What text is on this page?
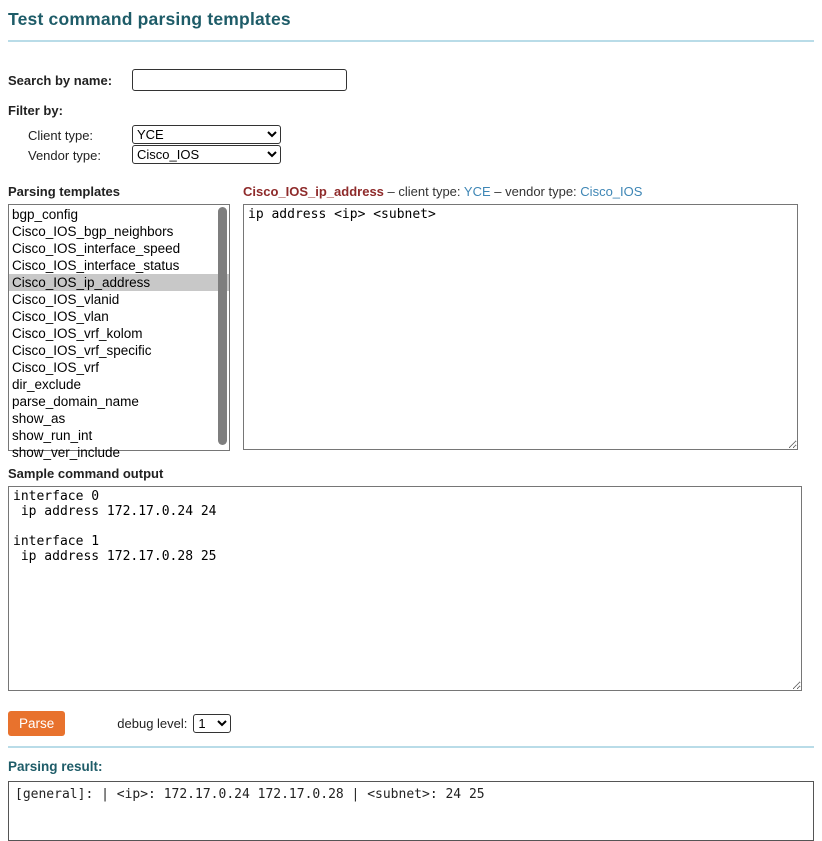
Test command parsing templates
Search by name:
Filter by:
Client type:
YCE
Vendor type:
Cisco_IOS
Parsing templates
bgp_config
Cisco_IOS_bgp_neighbors
Cisco_IOS_interface_speed
Cisco_IOS_interface_status
Cisco_IOS_ip_address
Cisco_IOS_vlanid
Cisco_IOS_vlan
Cisco_IOS_vrf_kolom
Cisco_IOS_vrf_specific
Cisco_IOS_vrf
dir_exclude
parse_domain_name
show_as
show_run_int
show_ver_include
Cisco_IOS_ip_address – client type: YCE – vendor type: Cisco_IOS
ip address <ip> <subnet>
Sample command output
interface 0 ip address 172.17.0.24 24 interface 1 ip address 172.17.0.28 25
Parse	debug level:
1
Parsing result:
[general]: | <ip>: 172.17.0.24 172.17.0.28 | <subnet>: 24 25
